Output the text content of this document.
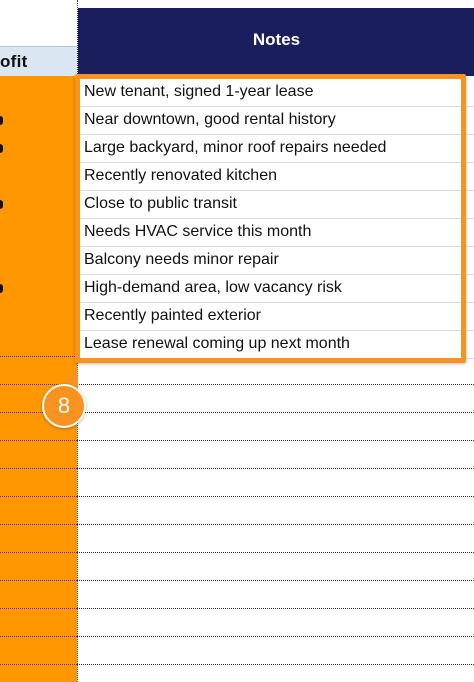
ofit
Notes
New tenant, signed 1-year lease
Near downtown, good rental history
Large backyard, minor roof repairs needed
Recently renovated kitchen
Close to public transit
Needs HVAC service this month
Balcony needs minor repair
High-demand area, low vacancy risk
Recently painted exterior
Lease renewal coming up next month
8
